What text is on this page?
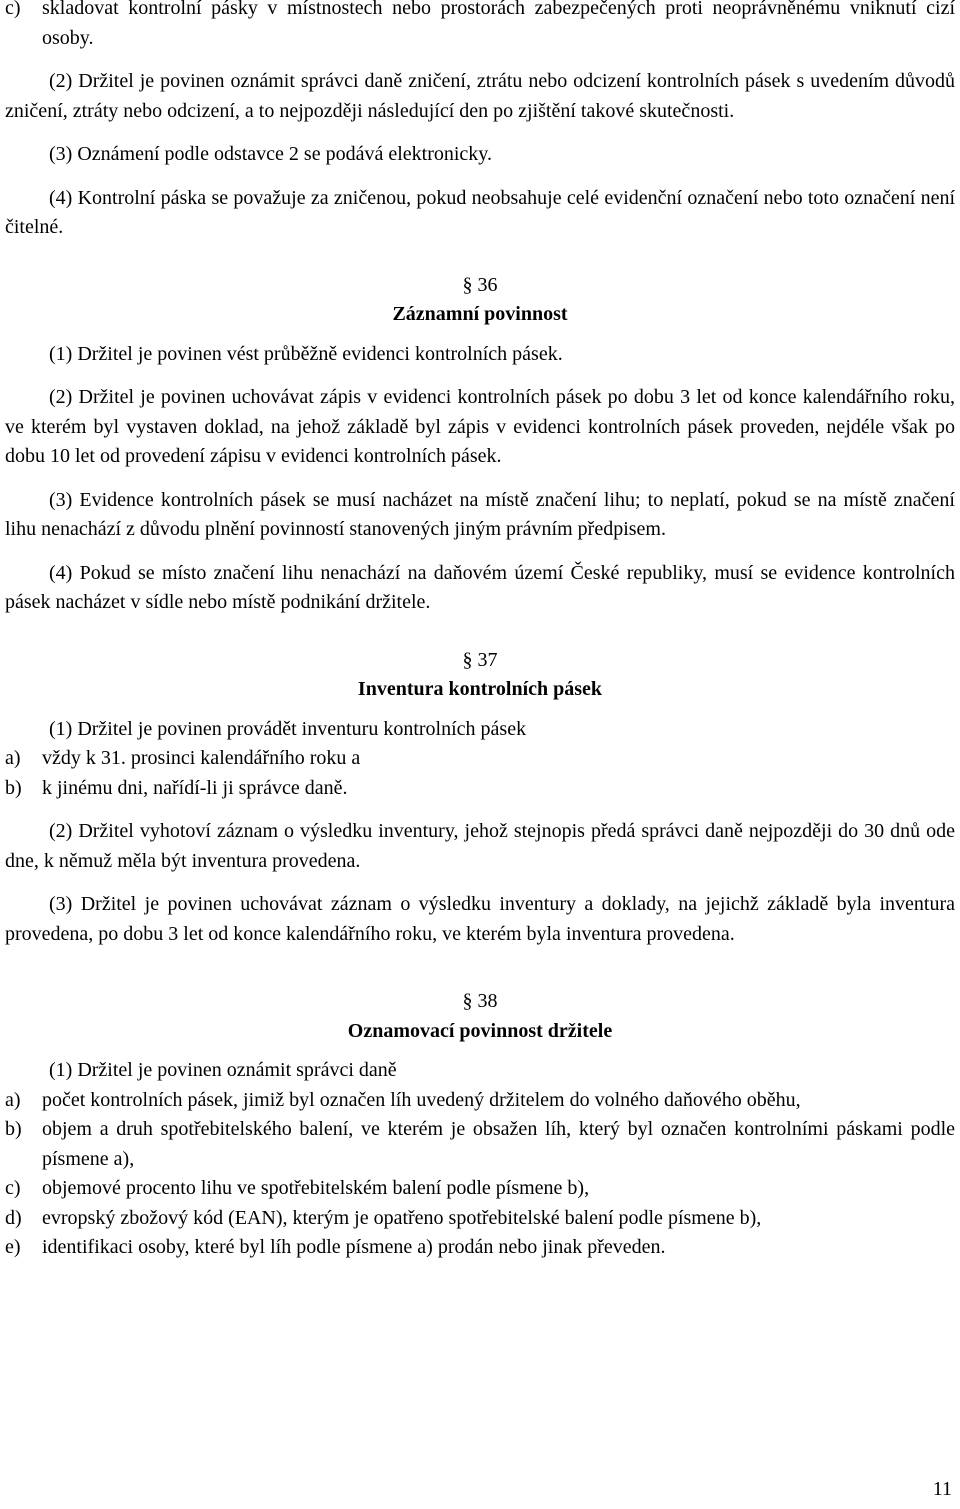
c) skladovat kontrolní pásky v místnostech nebo prostorách zabezpečených proti neoprávněnému vniknutí cizí osoby.

(2) Držitel je povinen oznámit správci daně zničení, ztrátu nebo odcizení kontrolních pásek s uvedením důvodů zničení, ztráty nebo odcizení, a to nejpozději následující den po zjištění takové skutečnosti.

(3) Oznámení podle odstavce 2 se podává elektronicky.

(4) Kontrolní páska se považuje za zničenou, pokud neobsahuje celé evidenční označení nebo toto označení není čitelné.

§ 36

Záznamní povinnost

(1) Držitel je povinen vést průběžně evidenci kontrolních pásek.

(2) Držitel je povinen uchovávat zápis v evidenci kontrolních pásek po dobu 3 let od konce kalendářního roku, ve kterém byl vystaven doklad, na jehož základě byl zápis v evidenci kontrolních pásek proveden, nejdéle však po dobu 10 let od provedení zápisu v evidenci kontrolních pásek.

(3) Evidence kontrolních pásek se musí nacházet na místě značení lihu; to neplatí, pokud se na místě značení lihu nenachází z důvodu plnění povinností stanovených jiným právním předpisem.

(4) Pokud se místo značení lihu nenachází na daňovém území České republiky, musí se evidence kontrolních pásek nacházet v sídle nebo místě podnikání držitele.

§ 37

Inventura kontrolních pásek

(1) Držitel je povinen provádět inventuru kontrolních pásek

a) vždy k 31. prosinci kalendářního roku a
b) k jinému dni, nařídí-li ji správce daně.

(2) Držitel vyhotoví záznam o výsledku inventury, jehož stejnopis předá správci daně nejpozději do 30 dnů ode dne, k němuž měla být inventura provedena.

(3) Držitel je povinen uchovávat záznam o výsledku inventury a doklady, na jejichž základě byla inventura provedena, po dobu 3 let od konce kalendářního roku, ve kterém byla inventura provedena.

§ 38

Oznamovací povinnost držitele

(1) Držitel je povinen oznámit správci daně

a) počet kontrolních pásek, jimiž byl označen líh uvedený držitelem do volného daňového oběhu,
b) objem a druh spotřebitelského balení, ve kterém je obsažen líh, který byl označen kontrolními páskami podle písmene a),
c) objemové procento lihu ve spotřebitelském balení podle písmene b),
d) evropský zbožový kód (EAN), kterým je opatřeno spotřebitelské balení podle písmene b),
e) identifikaci osoby, které byl líh podle písmene a) prodán nebo jinak převeden.
11
